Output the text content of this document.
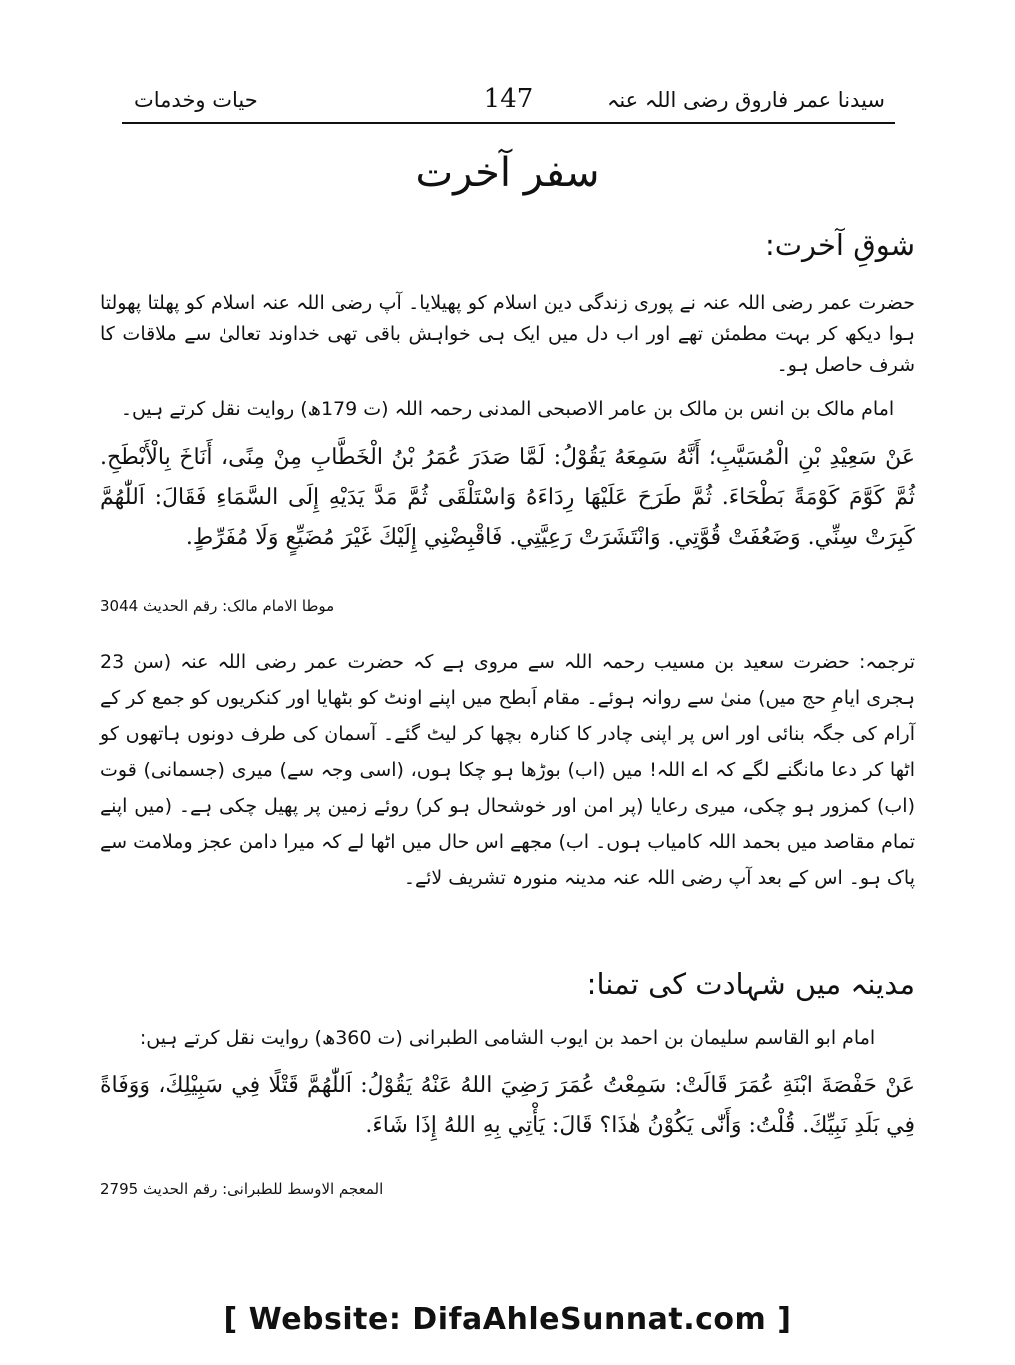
حیات وخدمات	147	سیدنا عمر فاروق رضی اللہ عنہ
سفر آخرت
شوقِ آخرت:
حضرت عمر رضی اللہ عنہ نے پوری زندگی دین اسلام کو پھیلایا۔ آپ رضی اللہ عنہ اسلام کو پھلتا پھولتا ہوا دیکھ کر بہت مطمئن تھے اور اب دل میں ایک ہی خواہش باقی تھی خداوند تعالیٰ سے ملاقات کا شرف حاصل ہو۔
امام مالک بن انس بن مالک بن عامر الاصبحی المدنی رحمہ اللہ (ت 179ھ) روایت نقل کرتے ہیں۔
عَنْ سَعِيْدِ بْنِ الْمُسَيَّبِ؛ أَنَّهُ سَمِعَهُ يَقُوْلُ: لَمَّا صَدَرَ عُمَرُ بْنُ الْخَطَّابِ مِنْ مِنًى، أَنَاخَ بِالْأَبْطَحِ. ثُمَّ كَوَّمَ كَوْمَةً بَطْحَاءَ. ثُمَّ طَرَحَ عَلَيْهَا رِدَاءَهُ وَاسْتَلْقَى ثُمَّ مَدَّ يَدَيْهِ إِلَى السَّمَاءِ فَقَالَ: اَللّٰهُمَّ كَبِرَتْ سِنِّي. وَضَعُفَتْ قُوَّتِي. وَانْتَشَرَتْ رَعِيَّتِي. فَاقْبِضْنِي إِلَيْكَ غَيْرَ مُضَيِّعٍ وَلَا مُفَرِّطٍ.
موطا الامام مالک: رقم الحدیث 3044
ترجمہ: حضرت سعید بن مسیب رحمہ اللہ سے مروی ہے کہ حضرت عمر رضی اللہ عنہ (سن 23 ہجری ایامِ حج میں) منیٰ سے روانہ ہوئے۔ مقام اَبطح میں اپنے اونٹ کو بٹھایا اور کنکریوں کو جمع کر کے آرام کی جگہ بنائی اور اس پر اپنی چادر کا کنارہ بچھا کر لیٹ گئے۔ آسمان کی طرف دونوں ہاتھوں کو اٹھا کر دعا مانگنے لگے کہ اے اللہ! میں (اب) بوڑھا ہو چکا ہوں، (اسی وجہ سے) میری (جسمانی) قوت (اب) کمزور ہو چکی، میری رعایا (پر امن اور خوشحال ہو کر) روئے زمین پر پھیل چکی ہے۔ (میں اپنے تمام مقاصد میں بحمد اللہ کامیاب ہوں۔ اب) مجھے اس حال میں اٹھا لے کہ میرا دامن عجز وملامت سے پاک ہو۔ اس کے بعد آپ رضی اللہ عنہ مدینہ منورہ تشریف لائے۔
مدینہ میں شہادت کی تمنا:
امام ابو القاسم سلیمان بن احمد بن ایوب الشامی الطبرانی (ت 360ھ) روایت نقل کرتے ہیں:
عَنْ حَفْصَةَ ابْنَةِ عُمَرَ قَالَتْ: سَمِعْتُ عُمَرَ رَضِيَ اللهُ عَنْهُ يَقُوْلُ: اَللّٰهُمَّ قَتْلًا فِي سَبِيْلِكَ، وَوَفَاةً فِي بَلَدِ نَبِيِّكَ. قُلْتُ: وَأَنّٰى يَكُوْنُ هٰذَا؟ قَالَ: يَأْتِي بِهِ اللهُ إِذَا شَاءَ.
المعجم الاوسط للطبرانی: رقم الحدیث 2795
[ Website: DifaAhleSunnat.com ]
